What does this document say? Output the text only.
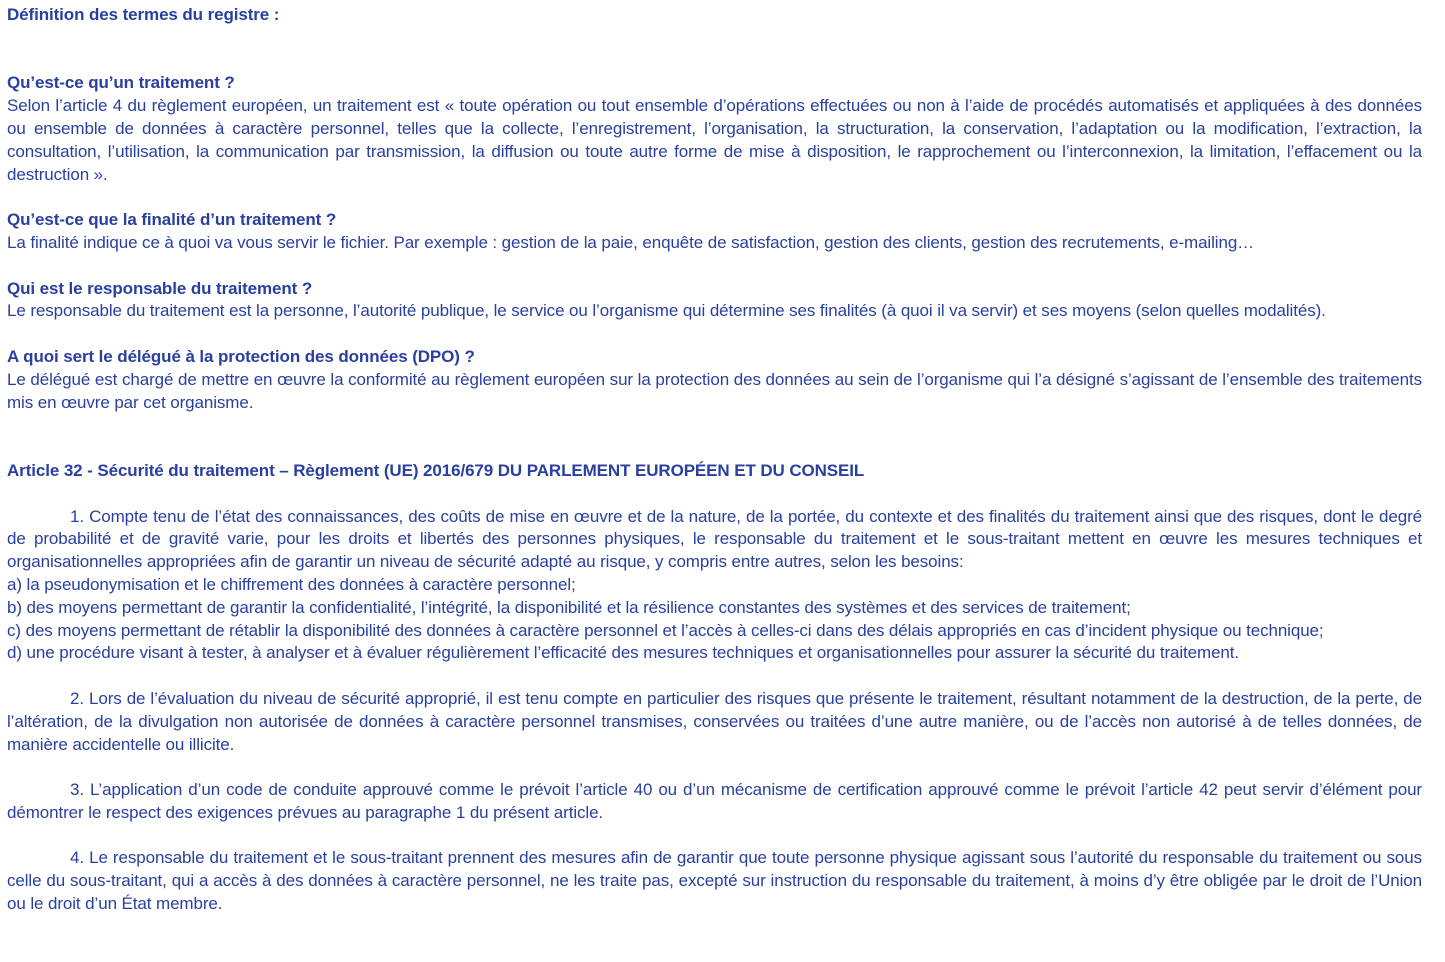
Définition des termes du registre :

Qu’est-ce qu’un traitement ?

Selon l’article 4 du règlement européen, un traitement est « toute opération ou tout ensemble d’opérations effectuées ou non à l’aide de procédés automatisés et appliquées à des données ou ensemble de données à caractère personnel, telles que la collecte, l’enregistrement, l’organisation, la structuration, la conservation, l’adaptation ou la modification, l’extraction, la consultation, l’utilisation, la communication par transmission, la diffusion ou toute autre forme de mise à disposition, le rapprochement ou l’interconnexion, la limitation, l’effacement ou la destruction ».

Qu’est-ce que la finalité d’un traitement ?

La finalité indique ce à quoi va vous servir le fichier. Par exemple : gestion de la paie, enquête de satisfaction, gestion des clients, gestion des recrutements, e-mailing…

Qui est le responsable du traitement ?

Le responsable du traitement est la personne, l’autorité publique, le service ou l’organisme qui détermine ses finalités (à quoi il va servir) et ses moyens (selon quelles modalités).

A quoi sert le délégué à la protection des données (DPO) ?

Le délégué est chargé de mettre en œuvre la conformité au règlement européen sur la protection des données au sein de l’organisme qui l’a désigné s’agissant de l’ensemble des traitements mis en œuvre par cet organisme.

Article 32 - Sécurité du traitement – Règlement (UE) 2016/679 DU PARLEMENT EUROPÉEN ET DU CONSEIL

1. Compte tenu de l’état des connaissances, des coûts de mise en œuvre et de la nature, de la portée, du contexte et des finalités du traitement ainsi que des risques, dont le degré de probabilité et de gravité varie, pour les droits et libertés des personnes physiques, le responsable du traitement et le sous-traitant mettent en œuvre les mesures techniques et organisationnelles appropriées afin de garantir un niveau de sécurité adapté au risque, y compris entre autres, selon les besoins:

a) la pseudonymisation et le chiffrement des données à caractère personnel;

b) des moyens permettant de garantir la confidentialité, l’intégrité, la disponibilité et la résilience constantes des systèmes et des services de traitement;

c) des moyens permettant de rétablir la disponibilité des données à caractère personnel et l’accès à celles-ci dans des délais appropriés en cas d’incident physique ou technique;

d) une procédure visant à tester, à analyser et à évaluer régulièrement l’efficacité des mesures techniques et organisationnelles pour assurer la sécurité du traitement.

2. Lors de l’évaluation du niveau de sécurité approprié, il est tenu compte en particulier des risques que présente le traitement, résultant notamment de la destruction, de la perte, de l’altération, de la divulgation non autorisée de données à caractère personnel transmises, conservées ou traitées d’une autre manière, ou de l’accès non autorisé à de telles données, de manière accidentelle ou illicite.

3. L’application d’un code de conduite approuvé comme le prévoit l’article 40 ou d’un mécanisme de certification approuvé comme le prévoit l’article 42 peut servir d’élément pour démontrer le respect des exigences prévues au paragraphe 1 du présent article.

4. Le responsable du traitement et le sous-traitant prennent des mesures afin de garantir que toute personne physique agissant sous l’autorité du responsable du traitement ou sous celle du sous-traitant, qui a accès à des données à caractère personnel, ne les traite pas, excepté sur instruction du responsable du traitement, à moins d’y être obligée par le droit de l’Union ou le droit d’un État membre.
